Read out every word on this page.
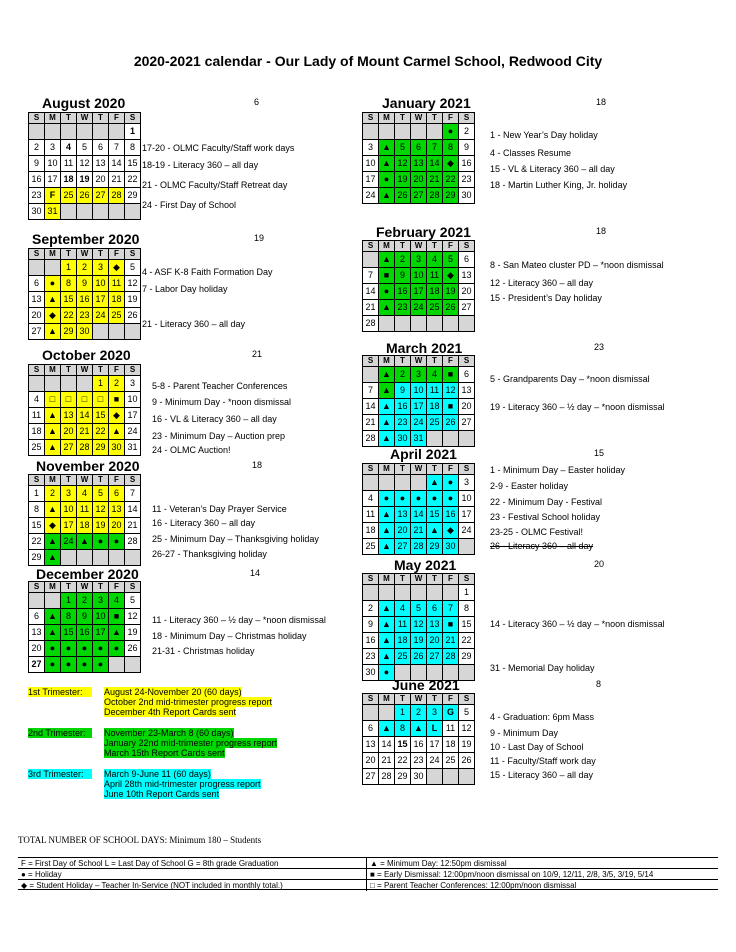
2020-2021 calendar - Our Lady of Mount Carmel School, Redwood City
August 2020	6
S	M	T	W	T	F	S
						1
2	3	4	5	6	7	8
9	10	11	12	13	14	15
16	17	18	19	20	21	22
23	F	25	26	27	28	29
30	31					
17-20 - OLMC Faculty/Staff work days
18-19 - Literacy 360 – all day
21 - OLMC Faculty/Staff Retreat day
24 - First Day of School
September 2020	19
S	M	T	W	T	F	S
		1	2	3	◆	5
6	●	8	9	10	11	12
13	▲	15	16	17	18	19
20	◆	22	23	24	25	26
27	▲	29	30			
4 - ASF K-8 Faith Formation Day
7 - Labor Day holiday
21 - Literacy 360 – all day
October 2020	21
S	M	T	W	T	F	S
				1	2	3
4	□	□	□	□	■	10
11	▲	13	14	15	◆	17
18	▲	20	21	22	▲	24
25	▲	27	28	29	30	31
5-8 - Parent Teacher Conferences
9 - Minimum Day - *noon dismissal
16 - VL & Literacy 360 – all day
23 - Minimum Day – Auction prep
24 - OLMC Auction!
November 2020	18
S	M	T	W	T	F	S
1	2	3	4	5	6	7
8	▲	10	11	12	13	14
15	◆	17	18	19	20	21
22	▲	24	▲	●	●	28
29	▲					
11 - Veteran’s Day Prayer Service
16 - Literacy 360 – all day
25 - Minimum Day – Thanksgiving holiday
26-27 - Thanksgiving holiday
December 2020	14
S	M	T	W	T	F	S
		1	2	3	4	5
6	▲	8	9	10	■	12
13	▲	15	16	17	▲	19
20	●	●	●	●	●	26
27	●	●	●	●		
11 - Literacy 360 – ½ day – *noon dismissal
18 - Minimum Day – Christmas holiday
21-31 - Christmas holiday
1st Trimester:	August 24-November 20 (60 days)
October 2nd mid-trimester progress report
December 4th Report Cards sent
2nd Trimester:	November 23-March 8 (60 days)
January 22nd mid-trimester progress report
March 15th Report Cards sent
3rd Trimester:	March 9-June 11 (60 days)
April 28th mid-trimester progress report
June 10th Report Cards sent
January 2021	18
S	M	T	W	T	F	S
					●	2
3	▲	5	6	7	8	9
10	▲	12	13	14	◆	16
17	●	19	20	21	22	23
24	▲	26	27	28	29	30
1 - New Year’s Day holiday
4 - Classes Resume
15 - VL & Literacy 360 – all day
18 - Martin Luther King, Jr. holiday
February 2021	18
S	M	T	W	T	F	S
	▲	2	3	4	5	6
7	■	9	10	11	◆	13
14	●	16	17	18	19	20
21	▲	23	24	25	26	27
28						
8 - San Mateo cluster PD – *noon dismissal
12 - Literacy 360 – all day
15 - President’s Day holiday
March 2021	23
S	M	T	W	T	F	S
	▲	2	3	4	■	6
7	▲	9	10	11	12	13
14	▲	16	17	18	■	20
21	▲	23	24	25	26	27
28	▲	30	31			
5 - Grandparents Day – *noon dismissal
19 - Literacy 360 – ½ day – *noon dismissal
April 2021	15
S	M	T	W	T	F	S
				▲	●	3
4	●	●	●	●	●	10
11	▲	13	14	15	16	17
18	▲	20	21	▲	◆	24
25	▲	27	28	29	30	
1 - Minimum Day – Easter holiday
2-9 - Easter holiday
22 - Minimum Day - Festival
23 - Festival School holiday
23-25 - OLMC Festival!
26 - Literacy 360 – all day
May 2021	20
S	M	T	W	T	F	S
						1
2	▲	4	5	6	7	8
9	▲	11	12	13	■	15
16	▲	18	19	20	21	22
23	▲	25	26	27	28	29
30	●					
14 - Literacy 360 – ½ day – *noon dismissal
31 - Memorial Day holiday
June 2021	8
S	M	T	W	T	F	S
		1	2	3	G	5
6	▲	8	▲	L	11	12
13	14	15	16	17	18	19
20	21	22	23	24	25	26
27	28	29	30			
4 - Graduation: 6pm Mass
9 - Minimum Day
10 - Last Day of School
11 - Faculty/Staff work day
15 - Literacy 360 – all day
TOTAL NUMBER OF SCHOOL DAYS: Minimum 180 – Students
F = First Day of School L = Last Day of School G = 8th grade Graduation	▲ = Minimum Day: 12:50pm dismissal
● = Holiday	■ = Early Dismissal: 12:00pm/noon dismissal on 10/9, 12/11, 2/8, 3/5, 3/19, 5/14
◆ = Student Holiday – Teacher In-Service (NOT included in monthly total.)	□ = Parent Teacher Conferences: 12:00pm/noon dismissal
